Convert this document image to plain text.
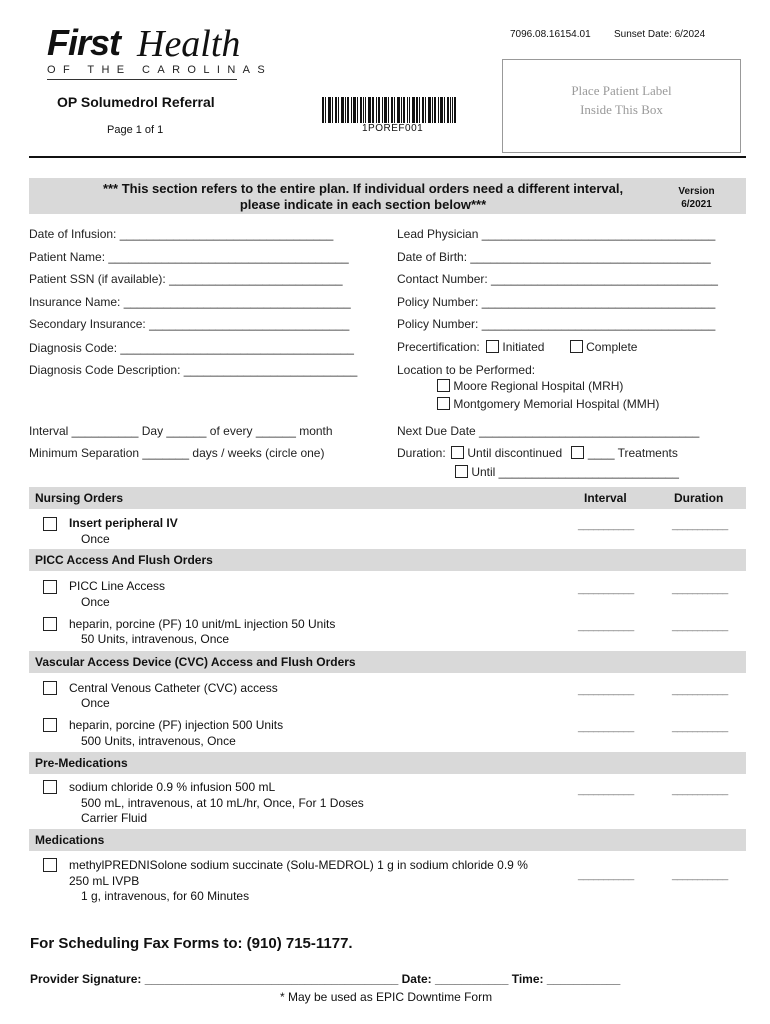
First Health
OF THE CAROLINAS
OP Solumedrol Referral
Page 1 of 1	1POREF001
7096.08.16154.01 Sunset Date: 6/2024
Place Patient Label
Inside This Box
*** This section refers to the entire plan. If individual orders need a different interval,
please indicate in each section below***
Version
6/2021
Date of Infusion: ________________________________
Patient Name: ____________________________________
Patient SSN (if available): __________________________
Insurance Name: __________________________________
Secondary Insurance: ______________________________
Diagnosis Code: ___________________________________
Diagnosis Code Description: __________________________
Lead Physician ___________________________________
Date of Birth: ____________________________________
Contact Number: __________________________________
Policy Number: ___________________________________
Policy Number: ___________________________________
Precertification: Initiated	Complete
Location to be Performed:
Moore Regional Hospital (MRH)
Montgomery Memorial Hospital (MMH)
Interval __________ Day ______ of every ______ month
Minimum Separation _______ days / weeks (circle one)
Next Due Date _________________________________
Duration: Until discontinued ____ Treatments
Until ___________________________
Nursing Orders	Interval	Duration
Insert peripheral IV
Once
___________	___________
PICC Access And Flush Orders
PICC Line Access
Once
___________	___________
heparin, porcine (PF) 10 unit/mL injection 50 Units
50 Units, intravenous, Once
___________	___________
Vascular Access Device (CVC) Access and Flush Orders
Central Venous Catheter (CVC) access
Once
___________	___________
heparin, porcine (PF) injection 500 Units
500 Units, intravenous, Once
___________	___________
Pre-Medications
sodium chloride 0.9 % infusion 500 mL
500 mL, intravenous, at 10 mL/hr, Once, For 1 Doses
Carrier Fluid
___________	___________
Medications
methylPREDNISolone sodium succinate (Solu-MEDROL) 1 g in sodium chloride 0.9 %
250 mL IVPB
1 g, intravenous, for 60 Minutes
___________	___________
For Scheduling Fax Forms to: (910) 715-1177.
Provider Signature: ______________________________________ Date: ___________ Time: ___________
* May be used as EPIC Downtime Form
